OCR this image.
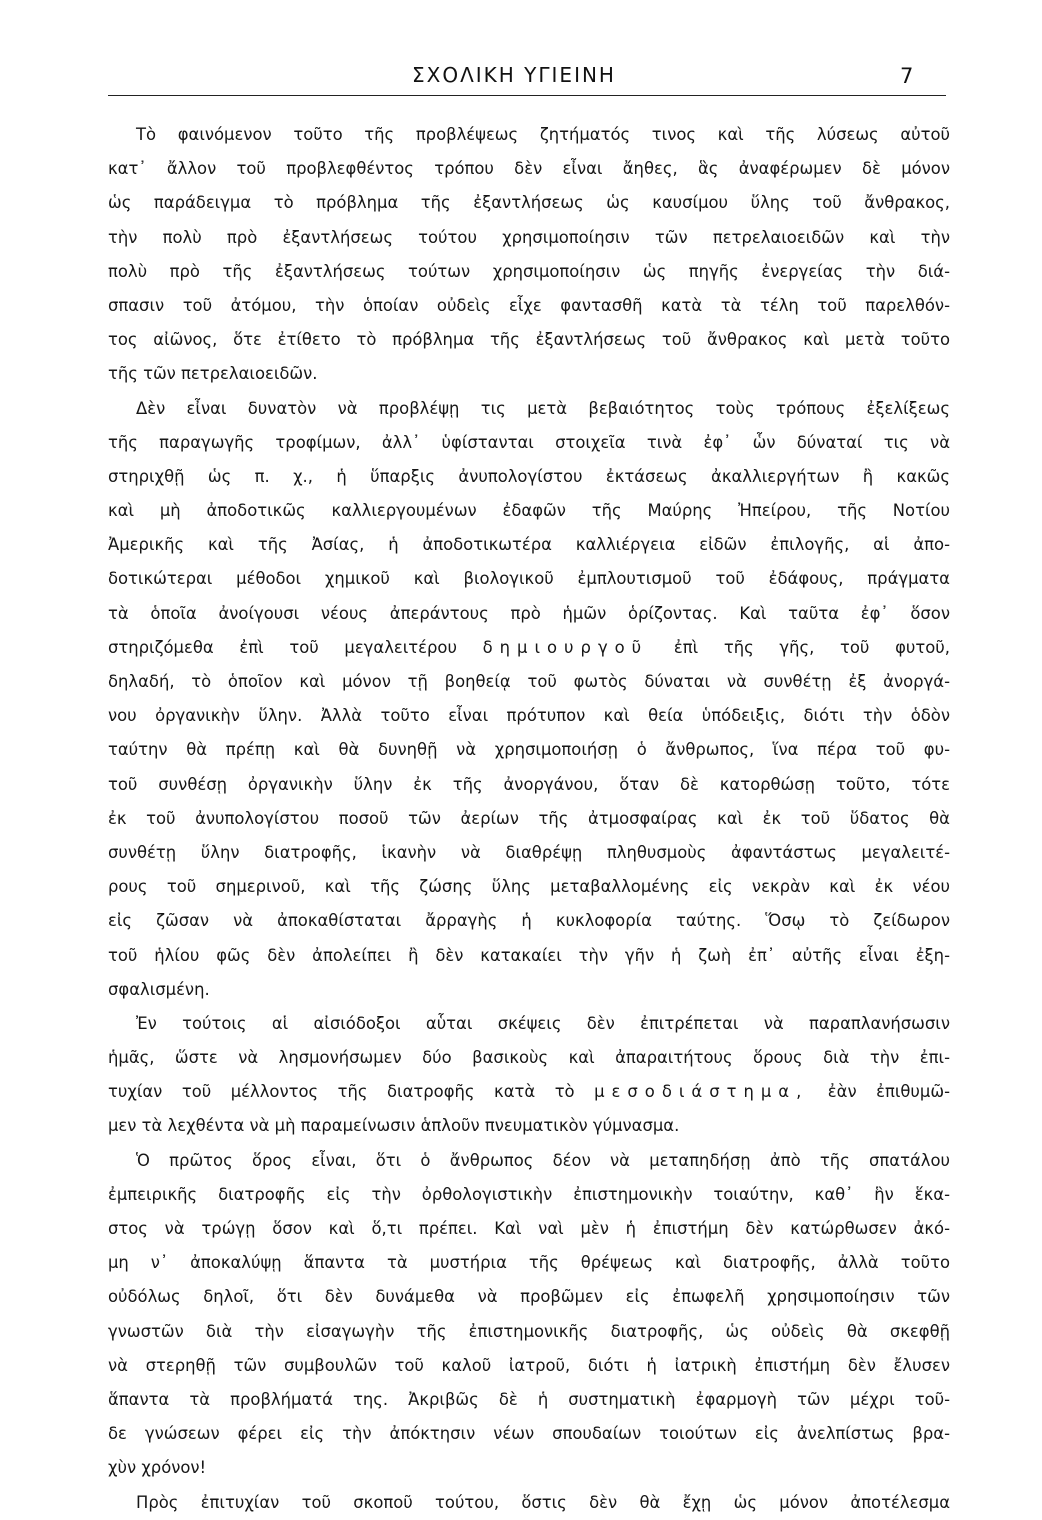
ΣΧΟΛΙΚΗ ΥΓΙΕΙΝΗ	7
Τὸ φαινόμενον τοῦτο τῆς προβλέψεως ζητήματός τινος καὶ τῆς λύσεως αὐτοῦ
κατ᾽ ἄλλον τοῦ προβλεφθέντος τρόπου δὲν εἶναι ἄηθες, ἃς ἀναφέρωμεν δὲ μόνον
ὡς παράδειγμα τὸ πρόβλημα τῆς ἐξαντλήσεως ὡς καυσίμου ὕλης τοῦ ἄνθρακος,
τὴν πολὺ πρὸ ἐξαντλήσεως τούτου χρησιμοποίησιν τῶν πετρελαιοειδῶν καὶ τὴν
πολὺ πρὸ τῆς ἐξαντλήσεως τούτων χρησιμοποίησιν ὡς πηγῆς ἐνεργείας τὴν διά-
σπασιν τοῦ ἀτόμου, τὴν ὁποίαν οὐδεὶς εἶχε φαντασθῆ κατὰ τὰ τέλη τοῦ παρελθόν-
τος αἰῶνος, ὅτε ἐτίθετο τὸ πρόβλημα τῆς ἐξαντλήσεως τοῦ ἄνθρακος καὶ μετὰ τοῦτο
τῆς τῶν πετρελαιοειδῶν.
Δὲν εἶναι δυνατὸν νὰ προβλέψῃ τις μετὰ βεβαιότητος τοὺς τρόπους ἐξελίξεως
τῆς παραγωγῆς τροφίμων, ἀλλ᾽ ὑφίστανται στοιχεῖα τινὰ ἐφ᾽ ὧν δύναταί τις νὰ
στηριχθῇ ὡς π. χ., ἡ ὕπαρξις ἀνυπολογίστου ἐκτάσεως ἀκαλλιεργήτων ἢ κακῶς
καὶ μὴ ἀποδοτικῶς καλλιεργουμένων ἐδαφῶν τῆς Μαύρης Ἠπείρου, τῆς Νοτίου
Ἀμερικῆς καὶ τῆς Ἀσίας, ἡ ἀποδοτικωτέρα καλλιέργεια εἰδῶν ἐπιλογῆς, αἱ ἀπο-
δοτικώτεραι μέθοδοι χημικοῦ καὶ βιολογικοῦ ἐμπλουτισμοῦ τοῦ ἐδάφους, πράγματα
τὰ ὁποῖα ἀνοίγουσι νέους ἀπεράντους πρὸ ἡμῶν ὁρίζοντας. Καὶ ταῦτα ἐφ᾽ ὅσον
στηριζόμεθα ἐπὶ τοῦ μεγαλειτέρου δημιουργοῦ ἐπὶ τῆς γῆς, τοῦ φυτοῦ,
δηλαδή, τὸ ὁποῖον καὶ μόνον τῇ βοηθείᾳ τοῦ φωτὸς δύναται νὰ συνθέτῃ ἐξ ἀνοργά-
νου ὀργανικὴν ὕλην. Ἀλλὰ τοῦτο εἶναι πρότυπον καὶ θεία ὑπόδειξις, διότι τὴν ὁδὸν
ταύτην θὰ πρέπῃ καὶ θὰ δυνηθῇ νὰ χρησιμοποιήσῃ ὁ ἄνθρωπος, ἵνα πέρα τοῦ φυ-
τοῦ συνθέσῃ ὀργανικὴν ὕλην ἐκ τῆς ἀνοργάνου, ὅταν δὲ κατορθώσῃ τοῦτο, τότε
ἐκ τοῦ ἀνυπολογίστου ποσοῦ τῶν ἀερίων τῆς ἀτμοσφαίρας καὶ ἐκ τοῦ ὕδατος θὰ
συνθέτῃ ὕλην διατροφῆς, ἱκανὴν νὰ διαθρέψῃ πληθυσμοὺς ἀφαντάστως μεγαλειτέ-
ρους τοῦ σημερινοῦ, καὶ τῆς ζώσης ὕλης μεταβαλλομένης εἰς νεκρὰν καὶ ἐκ νέου
εἰς ζῶσαν νὰ ἀποκαθίσταται ἄρραγὴς ἡ κυκλοφορία ταύτης. Ὅσῳ τὸ ζείδωρον
τοῦ ἡλίου φῶς δὲν ἀπολείπει ἢ δὲν κατακαίει τὴν γῆν ἡ ζωὴ ἐπ᾽ αὐτῆς εἶναι ἐξη-
σφαλισμένη.
Ἐν τούτοις αἱ αἰσιόδοξοι αὗται σκέψεις δὲν ἐπιτρέπεται νὰ παραπλανήσωσιν
ἡμᾶς, ὥστε νὰ λησμονήσωμεν δύο βασικοὺς καὶ ἀπαραιτήτους ὅρους διὰ τὴν ἐπι-
τυχίαν τοῦ μέλλοντος τῆς διατροφῆς κατὰ τὸ μεσοδιάστημα, ἐὰν ἐπιθυμῶ-
μεν τὰ λεχθέντα νὰ μὴ παραμείνωσιν ἁπλοῦν πνευματικὸν γύμνασμα.
Ὁ πρῶτος ὅρος εἶναι, ὅτι ὁ ἄνθρωπος δέον νὰ μεταπηδήσῃ ἀπὸ τῆς σπατάλου
ἐμπειρικῆς διατροφῆς εἰς τὴν ὀρθολογιστικὴν ἐπιστημονικὴν τοιαύτην, καθ᾽ ἣν ἕκα-
στος νὰ τρώγῃ ὅσον καὶ ὅ,τι πρέπει. Καὶ ναὶ μὲν ἡ ἐπιστήμη δὲν κατώρθωσεν ἀκό-
μη ν᾽ ἀποκαλύψῃ ἅπαντα τὰ μυστήρια τῆς θρέψεως καὶ διατροφῆς, ἀλλὰ τοῦτο
οὐδόλως δηλοῖ, ὅτι δὲν δυνάμεθα νὰ προβῶμεν εἰς ἐπωφελῆ χρησιμοποίησιν τῶν
γνωστῶν διὰ τὴν εἰσαγωγὴν τῆς ἐπιστημονικῆς διατροφῆς, ὡς οὐδεὶς θὰ σκεφθῇ
νὰ στερηθῇ τῶν συμβουλῶν τοῦ καλοῦ ἰατροῦ, διότι ἡ ἰατρικὴ ἐπιστήμη δὲν ἔλυσεν
ἅπαντα τὰ προβλήματά της. Ἀκριβῶς δὲ ἡ συστηματικὴ ἐφαρμογὴ τῶν μέχρι τοῦ-
δε γνώσεων φέρει εἰς τὴν ἀπόκτησιν νέων σπουδαίων τοιούτων εἰς ἀνελπίστως βρα-
χὺν χρόνον!
Πρὸς ἐπιτυχίαν τοῦ σκοποῦ τούτου, ὅστις δὲν θὰ ἔχῃ ὡς μόνον ἀποτέλεσμα
